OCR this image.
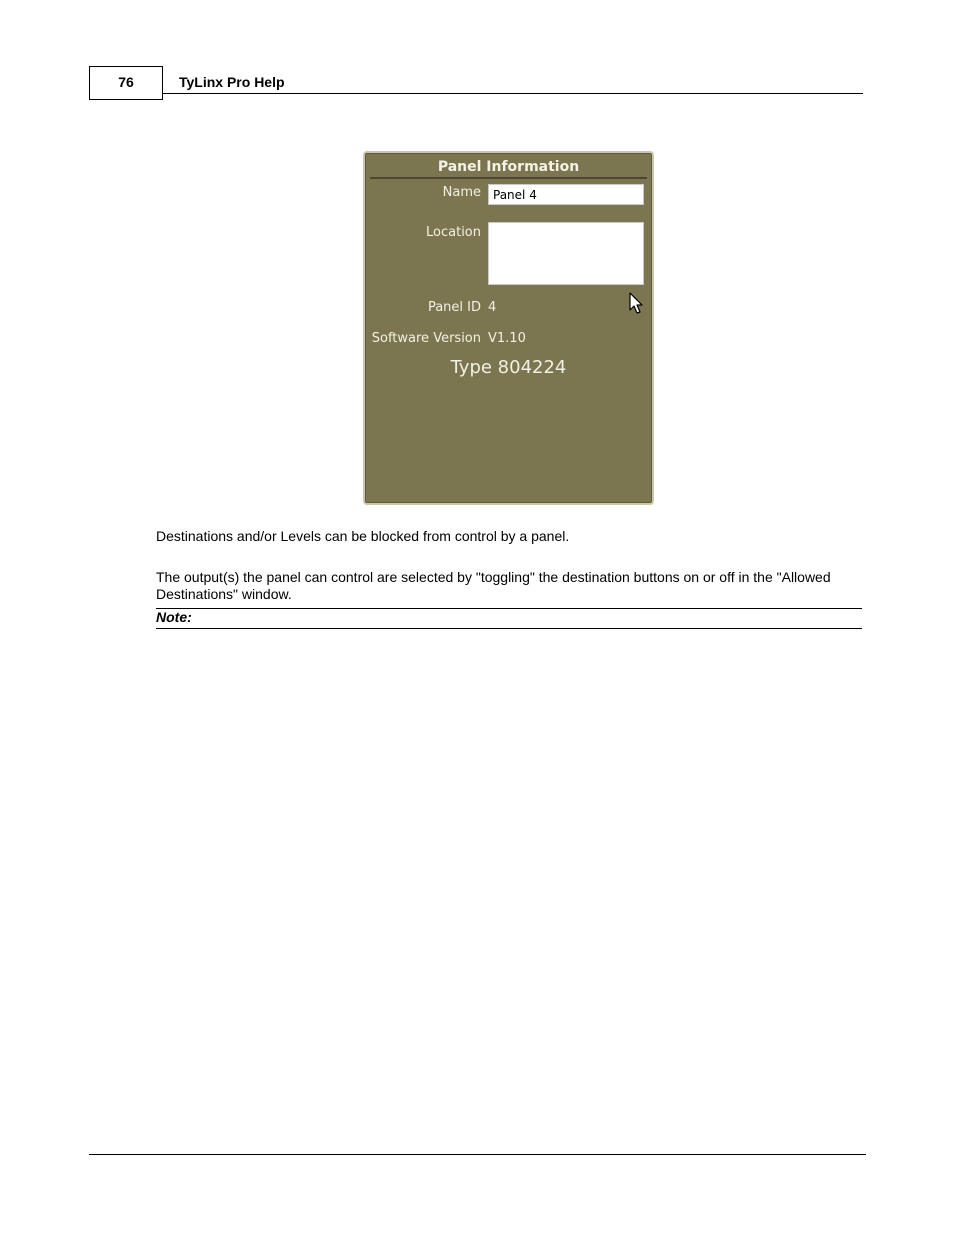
76	TyLinx Pro Help
Panel Information
Name
Panel 4
Location
Panel ID 4
Software Version V1.10
Type 804224
Destinations and/or Levels can be blocked from control by a panel.
The output(s) the panel can control are selected by "toggling" the destination buttons on or off in the "Allowed Destinations" window.
Note:
